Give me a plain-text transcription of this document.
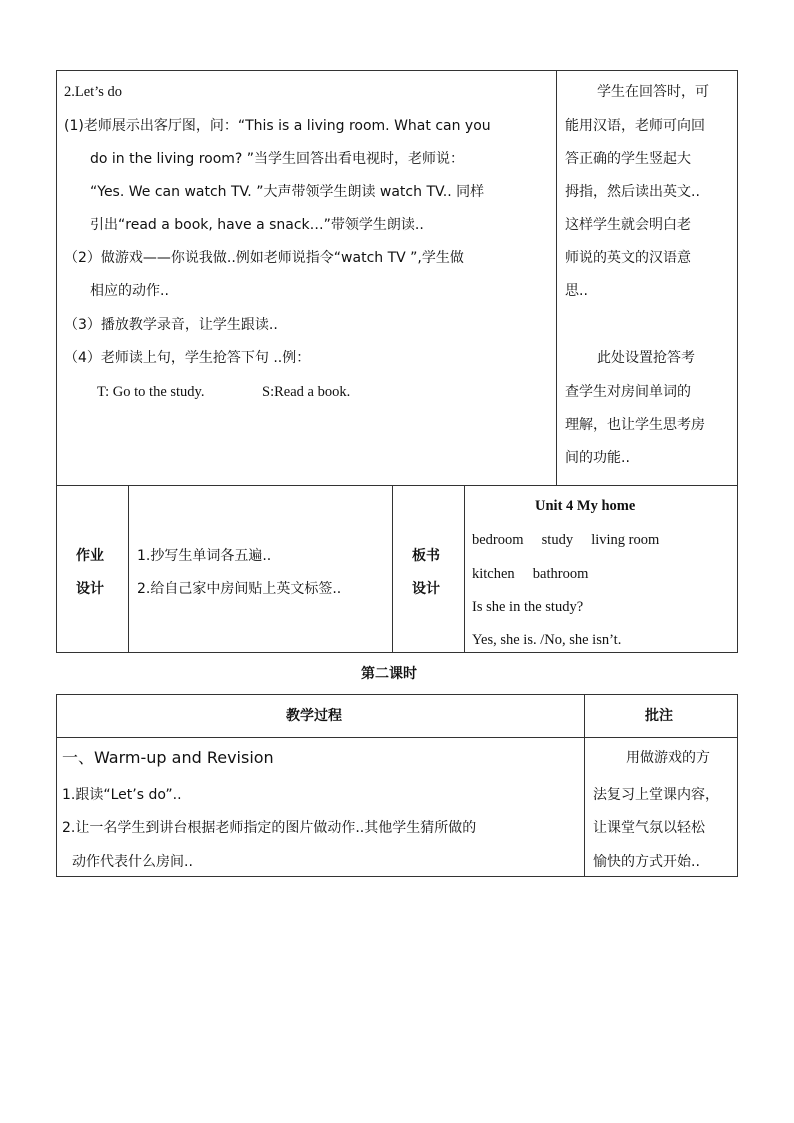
2.Let’s do
(1)老师展示出客厅图，问：“This is a living room. What can you
do in the living room? ”当学生回答出看电视时，老师说：
“Yes. We can watch TV. ”大声带领学生朗读 watch TV.. 同样
引出“read a book, have a snack…”带领学生朗读..
（2）做游戏——你说我做..例如老师说指令“watch TV ”,学生做
相应的动作..
（3）播放教学录音，让学生跟读..
（4）老师读上句，学生抢答下句 ..例：
T: Go to the study.	S:Read a book.
学生在回答时，可
能用汉语，老师可向回
答正确的学生竖起大
拇指，然后读出英文..
这样学生就会明白老
师说的英文的汉语意
思..
此处设置抢答考
查学生对房间单词的
理解，也让学生思考房
间的功能..
作业
设计
1.抄写生单词各五遍..
2.给自己家中房间贴上英文标签..
板书
设计
Unit 4 My home
bedroom     study     living room
kitchen     bathroom
Is she in the study?
Yes, she is. /No, she isn’t.
第二课时
教学过程	批注
一、Warm-up and Revision
1.跟读“Let’s do”..
2.让一名学生到讲台根据老师指定的图片做动作..其他学生猜所做的
动作代表什么房间..
用做游戏的方
法复习上堂课内容，
让课堂气氛以轻松
愉快的方式开始..
